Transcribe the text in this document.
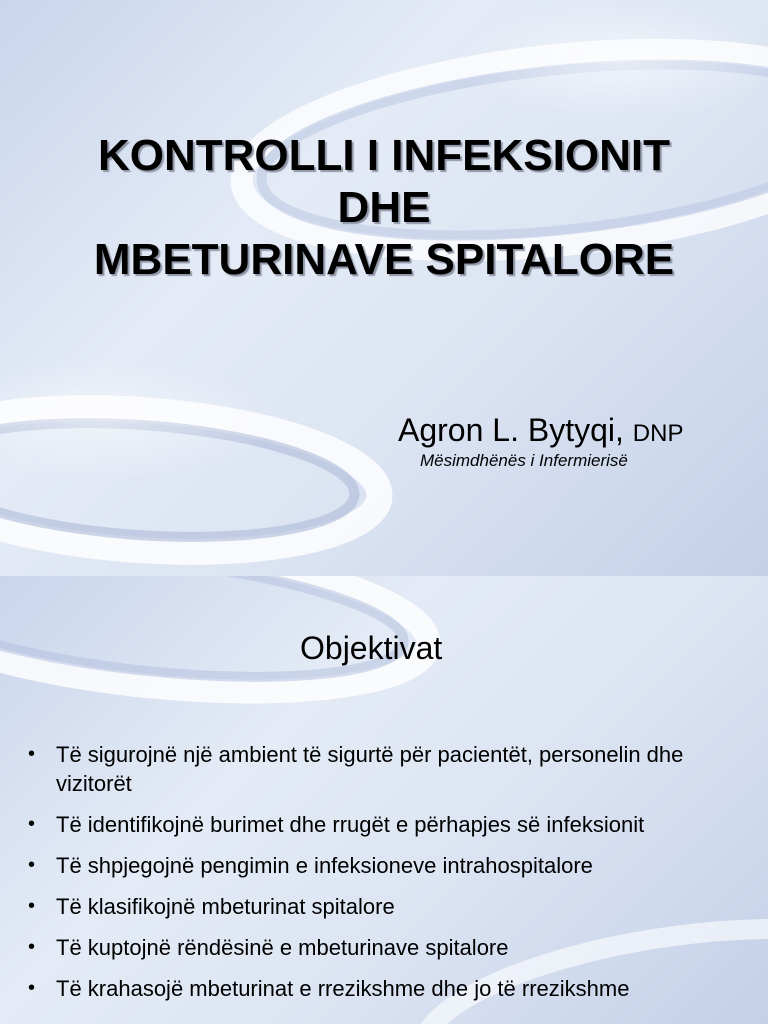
KONTROLLI I INFEKSIONIT
DHE
MBETURINAVE SPITALORE
Agron L. Bytyqi, DNP
Mësimdhënës i Infermierisë
Objektivat
• Të sigurojnë një ambient të sigurtë për pacientët, personelin dhe vizitorët
• Të identifikojnë burimet dhe rrugët e përhapjes së infeksionit
• Të shpjegojnë pengimin e infeksioneve intrahospitalore
• Të klasifikojnë mbeturinat spitalore
• Të kuptojnë rëndësinë e mbeturinave spitalore
• Të krahasojë mbeturinat e rrezikshme dhe jo të rrezikshme
